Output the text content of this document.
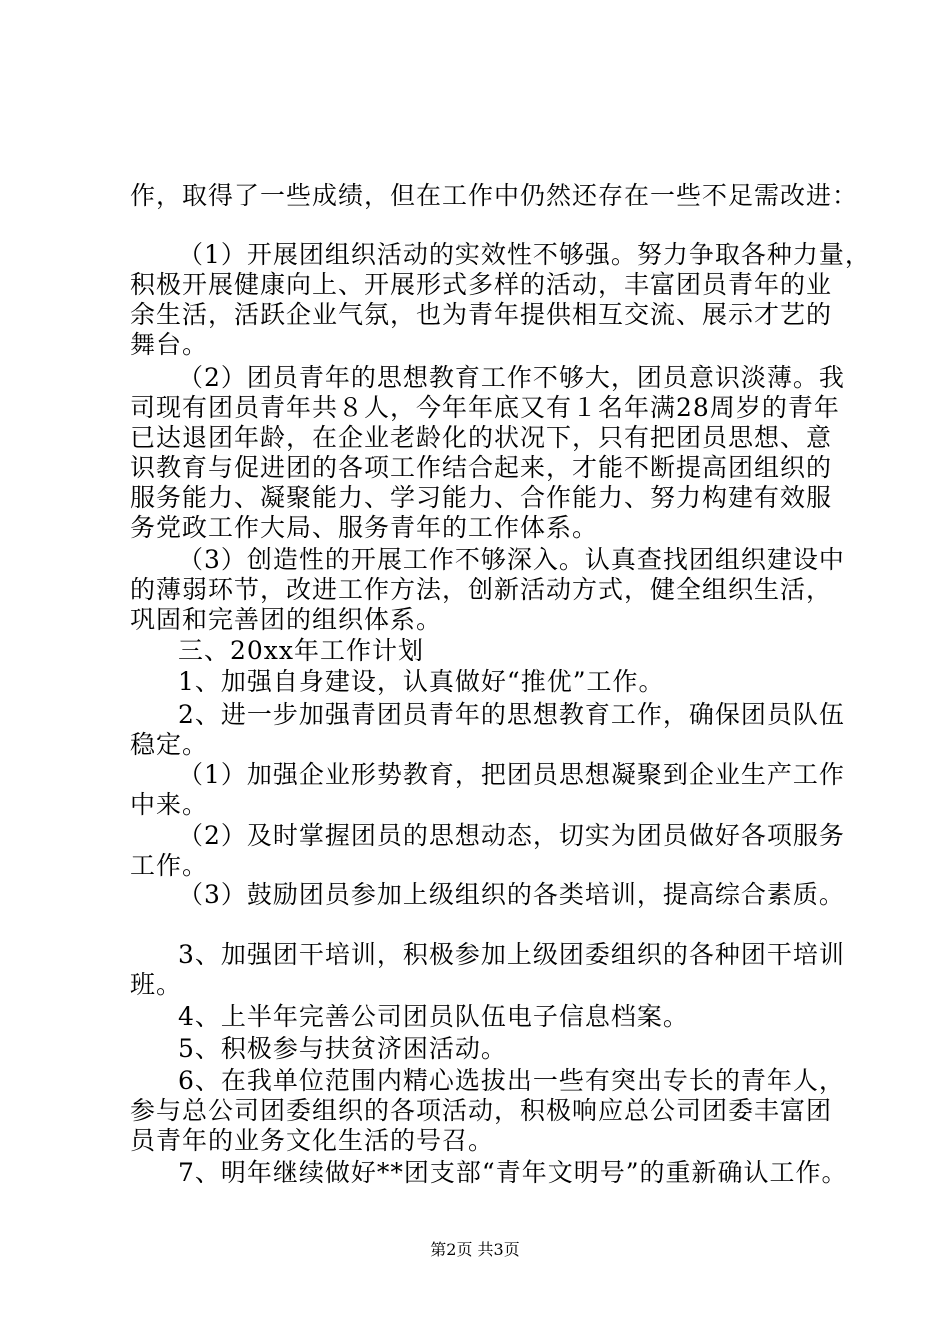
作，取得了一些成绩，但在工作中仍然还存在一些不足需改进：
（1）开展团组织活动的实效性不够强。努力争取各种力量，
积极开展健康向上、开展形式多样的活动，丰富团员青年的业
余生活，活跃企业气氛，也为青年提供相互交流、展示才艺的
舞台。
（2）团员青年的思想教育工作不够大，团员意识淡薄。我
司现有团员青年共８人，今年年底又有１名年满28周岁的青年
已达退团年龄，在企业老龄化的状况下，只有把团员思想、意
识教育与促进团的各项工作结合起来，才能不断提高团组织的
服务能力、凝聚能力、学习能力、合作能力、努力构建有效服
务党政工作大局、服务青年的工作体系。
（3）创造性的开展工作不够深入。认真查找团组织建设中
的薄弱环节，改进工作方法，创新活动方式，健全组织生活，
巩固和完善团的组织体系。
三、20xx年工作计划
1、加强自身建设，认真做好“推优”工作。
2、进一步加强青团员青年的思想教育工作，确保团员队伍
稳定。
（1）加强企业形势教育，把团员思想凝聚到企业生产工作
中来。
（2）及时掌握团员的思想动态，切实为团员做好各项服务
工作。
（3）鼓励团员参加上级组织的各类培训，提高综合素质。
3、加强团干培训，积极参加上级团委组织的各种团干培训
班。
4、上半年完善公司团员队伍电子信息档案。
5、积极参与扶贫济困活动。
6、在我单位范围内精心选拔出一些有突出专长的青年人，
参与总公司团委组织的各项活动，积极响应总公司团委丰富团
员青年的业务文化生活的号召。
7、明年继续做好**团支部“青年文明号”的重新确认工作。
第2页 共3页
